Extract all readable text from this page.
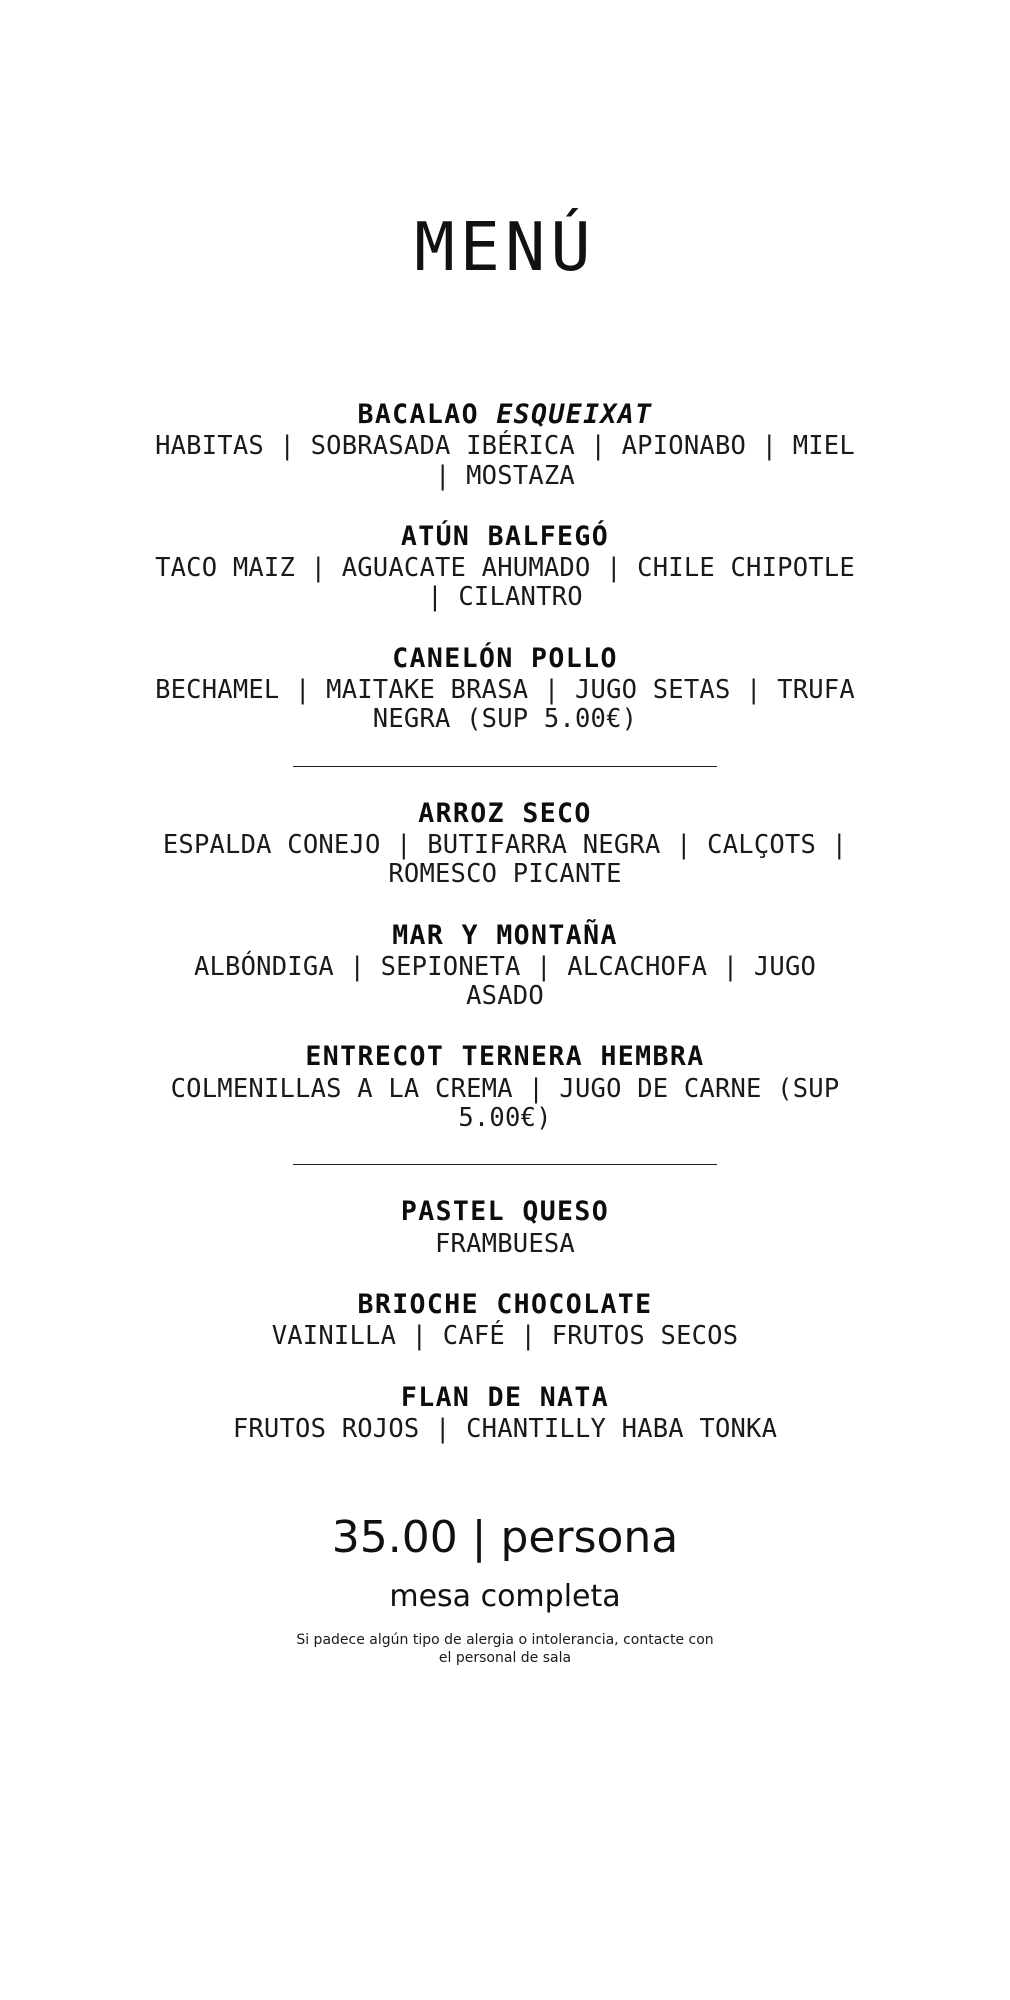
MENÚ
BACALAO ESQUEIXAT
HABITAS | SOBRASADA IBÉRICA | APIONABO | MIEL | MOSTAZA
ATÚN BALFEGÓ
TACO MAIZ | AGUACATE AHUMADO | CHILE CHIPOTLE | CILANTRO
CANELÓN POLLO
BECHAMEL | MAITAKE BRASA | JUGO SETAS | TRUFA NEGRA (SUP 5.00€)
ARROZ SECO
ESPALDA CONEJO | BUTIFARRA NEGRA | CALÇOTS | ROMESCO PICANTE
MAR Y MONTAÑA
ALBÓNDIGA | SEPIONETA | ALCACHOFA | JUGO ASADO
ENTRECOT TERNERA HEMBRA
COLMENILLAS A LA CREMA | JUGO DE CARNE (SUP 5.00€)
PASTEL QUESO
FRAMBUESA
BRIOCHE CHOCOLATE
VAINILLA | CAFÉ | FRUTOS SECOS
FLAN DE NATA
FRUTOS ROJOS | CHANTILLY HABA TONKA
35.00 | persona
mesa completa
Si padece algún tipo de alergia o intolerancia, contacte con el personal de sala
